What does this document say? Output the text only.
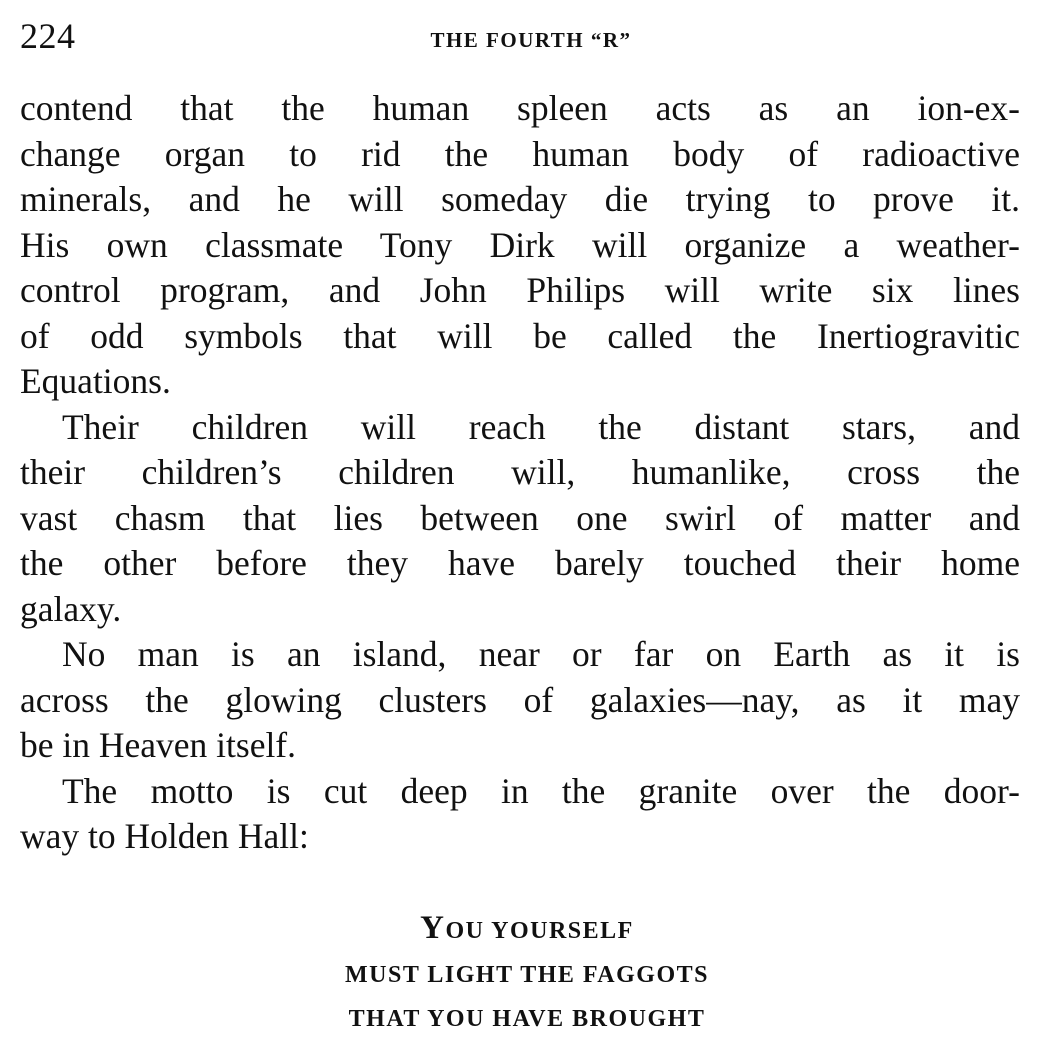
224	THE FOURTH “R”

contend that the human spleen acts as an ion-ex-
change organ to rid the human body of radioactive
minerals, and he will someday die trying to prove it.
His own classmate Tony Dirk will organize a weather-
control program, and John Philips will write six lines
of odd symbols that will be called the Inertiogravitic
Equations.

Their children will reach the distant stars, and
their children’s children will, humanlike, cross the
vast chasm that lies between one swirl of matter and
the other before they have barely touched their home
galaxy.

No man is an island, near or far on Earth as it is
across the glowing clusters of galaxies—nay, as it may
be in Heaven itself.

The motto is cut deep in the granite over the door-
way to Holden Hall:

YOU YOURSELF
MUST LIGHT THE FAGGOTS
THAT YOU HAVE BROUGHT
